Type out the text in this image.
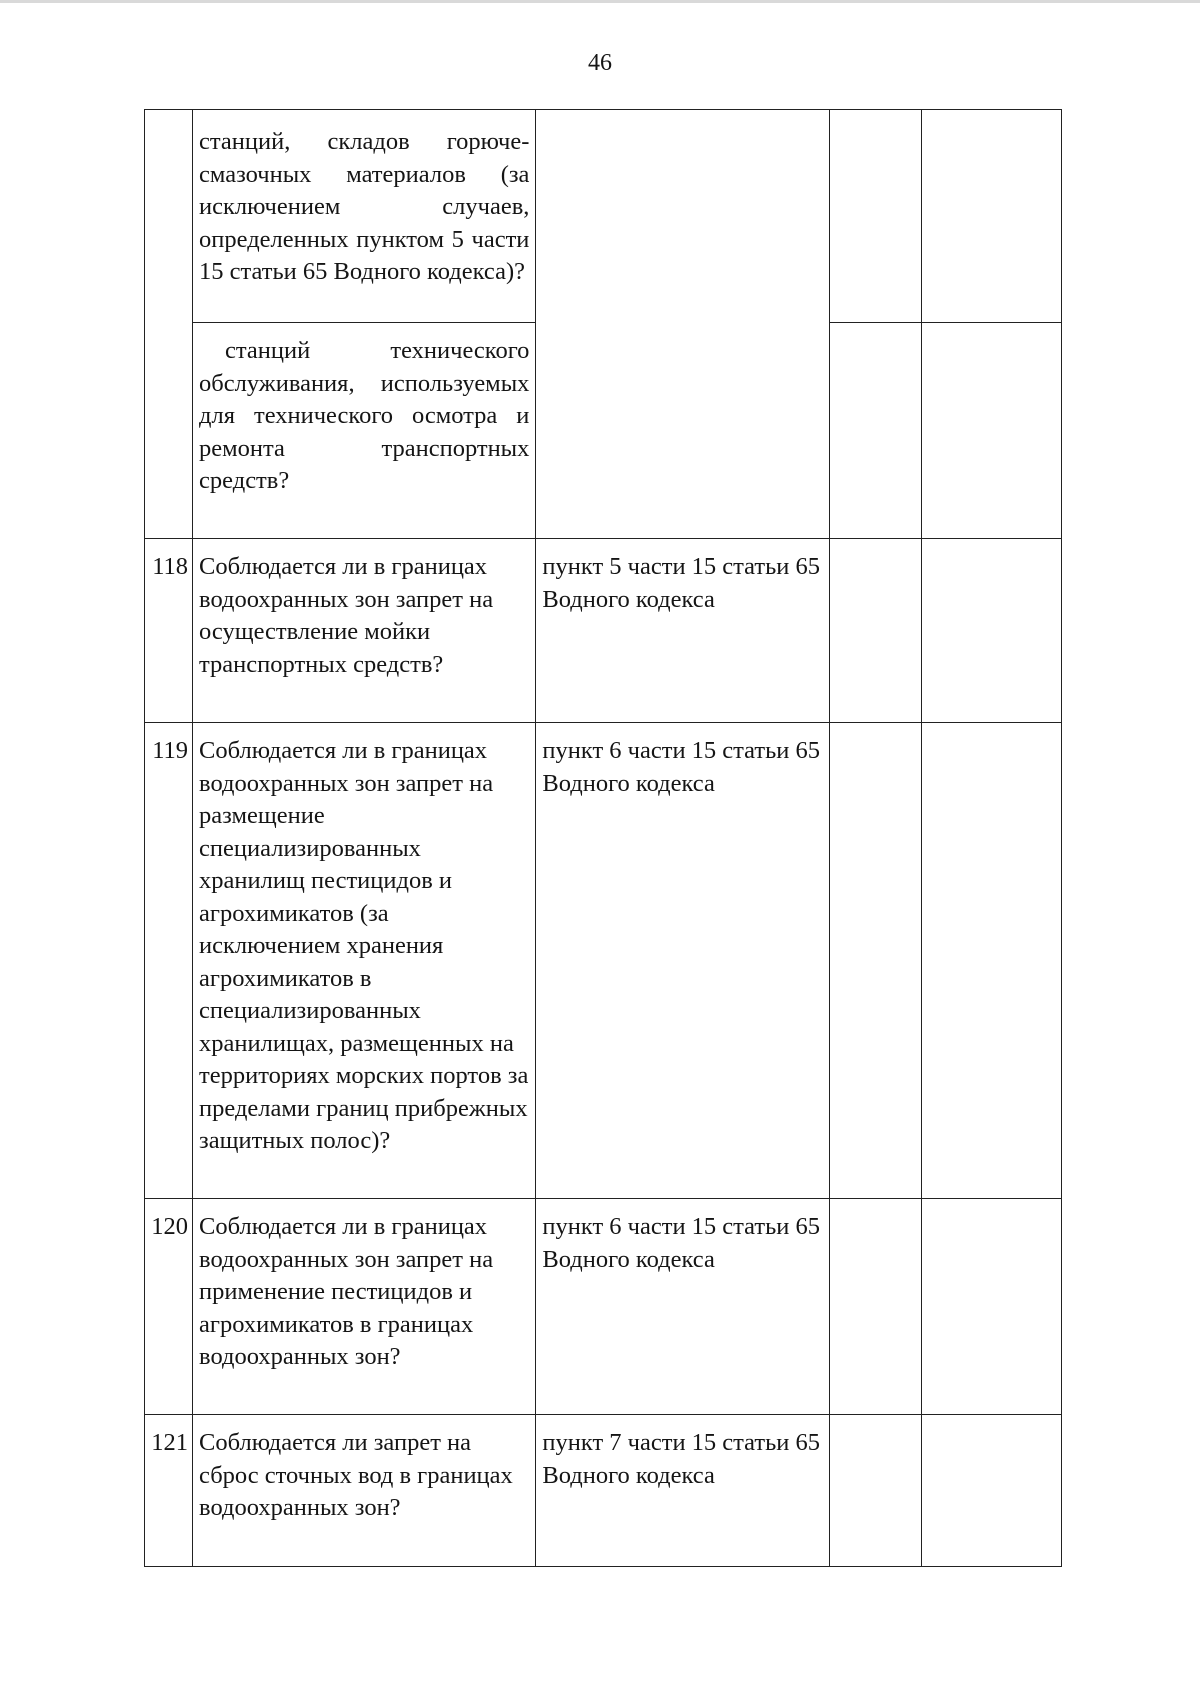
46

	станций, складов горюче-смазочных материалов (за исключением случаев, определенных пунктом 5 части 15 статьи 65 Водного кодекса)?			

	станций технического обслуживания, используемых для технического осмотра и ремонта транспортных средств?			

118	Соблюдается ли в границах водоохранных зон запрет на осуществление мойки транспортных средств?	пункт 5 части 15 статьи 65 Водного кодекса		

119	Соблюдается ли в границах водоохранных зон запрет на размещение специализированных хранилищ пестицидов и агрохимикатов (за исключением хранения агрохимикатов в специализированных хранилищах, размещенных на территориях морских портов за пределами границ прибрежных защитных полос)?	пункт 6 части 15 статьи 65 Водного кодекса		

120	Соблюдается ли в границах водоохранных зон запрет на применение пестицидов и агрохимикатов в границах водоохранных зон?	пункт 6 части 15 статьи 65 Водного кодекса		

121	Соблюдается ли запрет на сброс сточных вод в границах водоохранных зон?	пункт 7 части 15 статьи 65 Водного кодекса		
